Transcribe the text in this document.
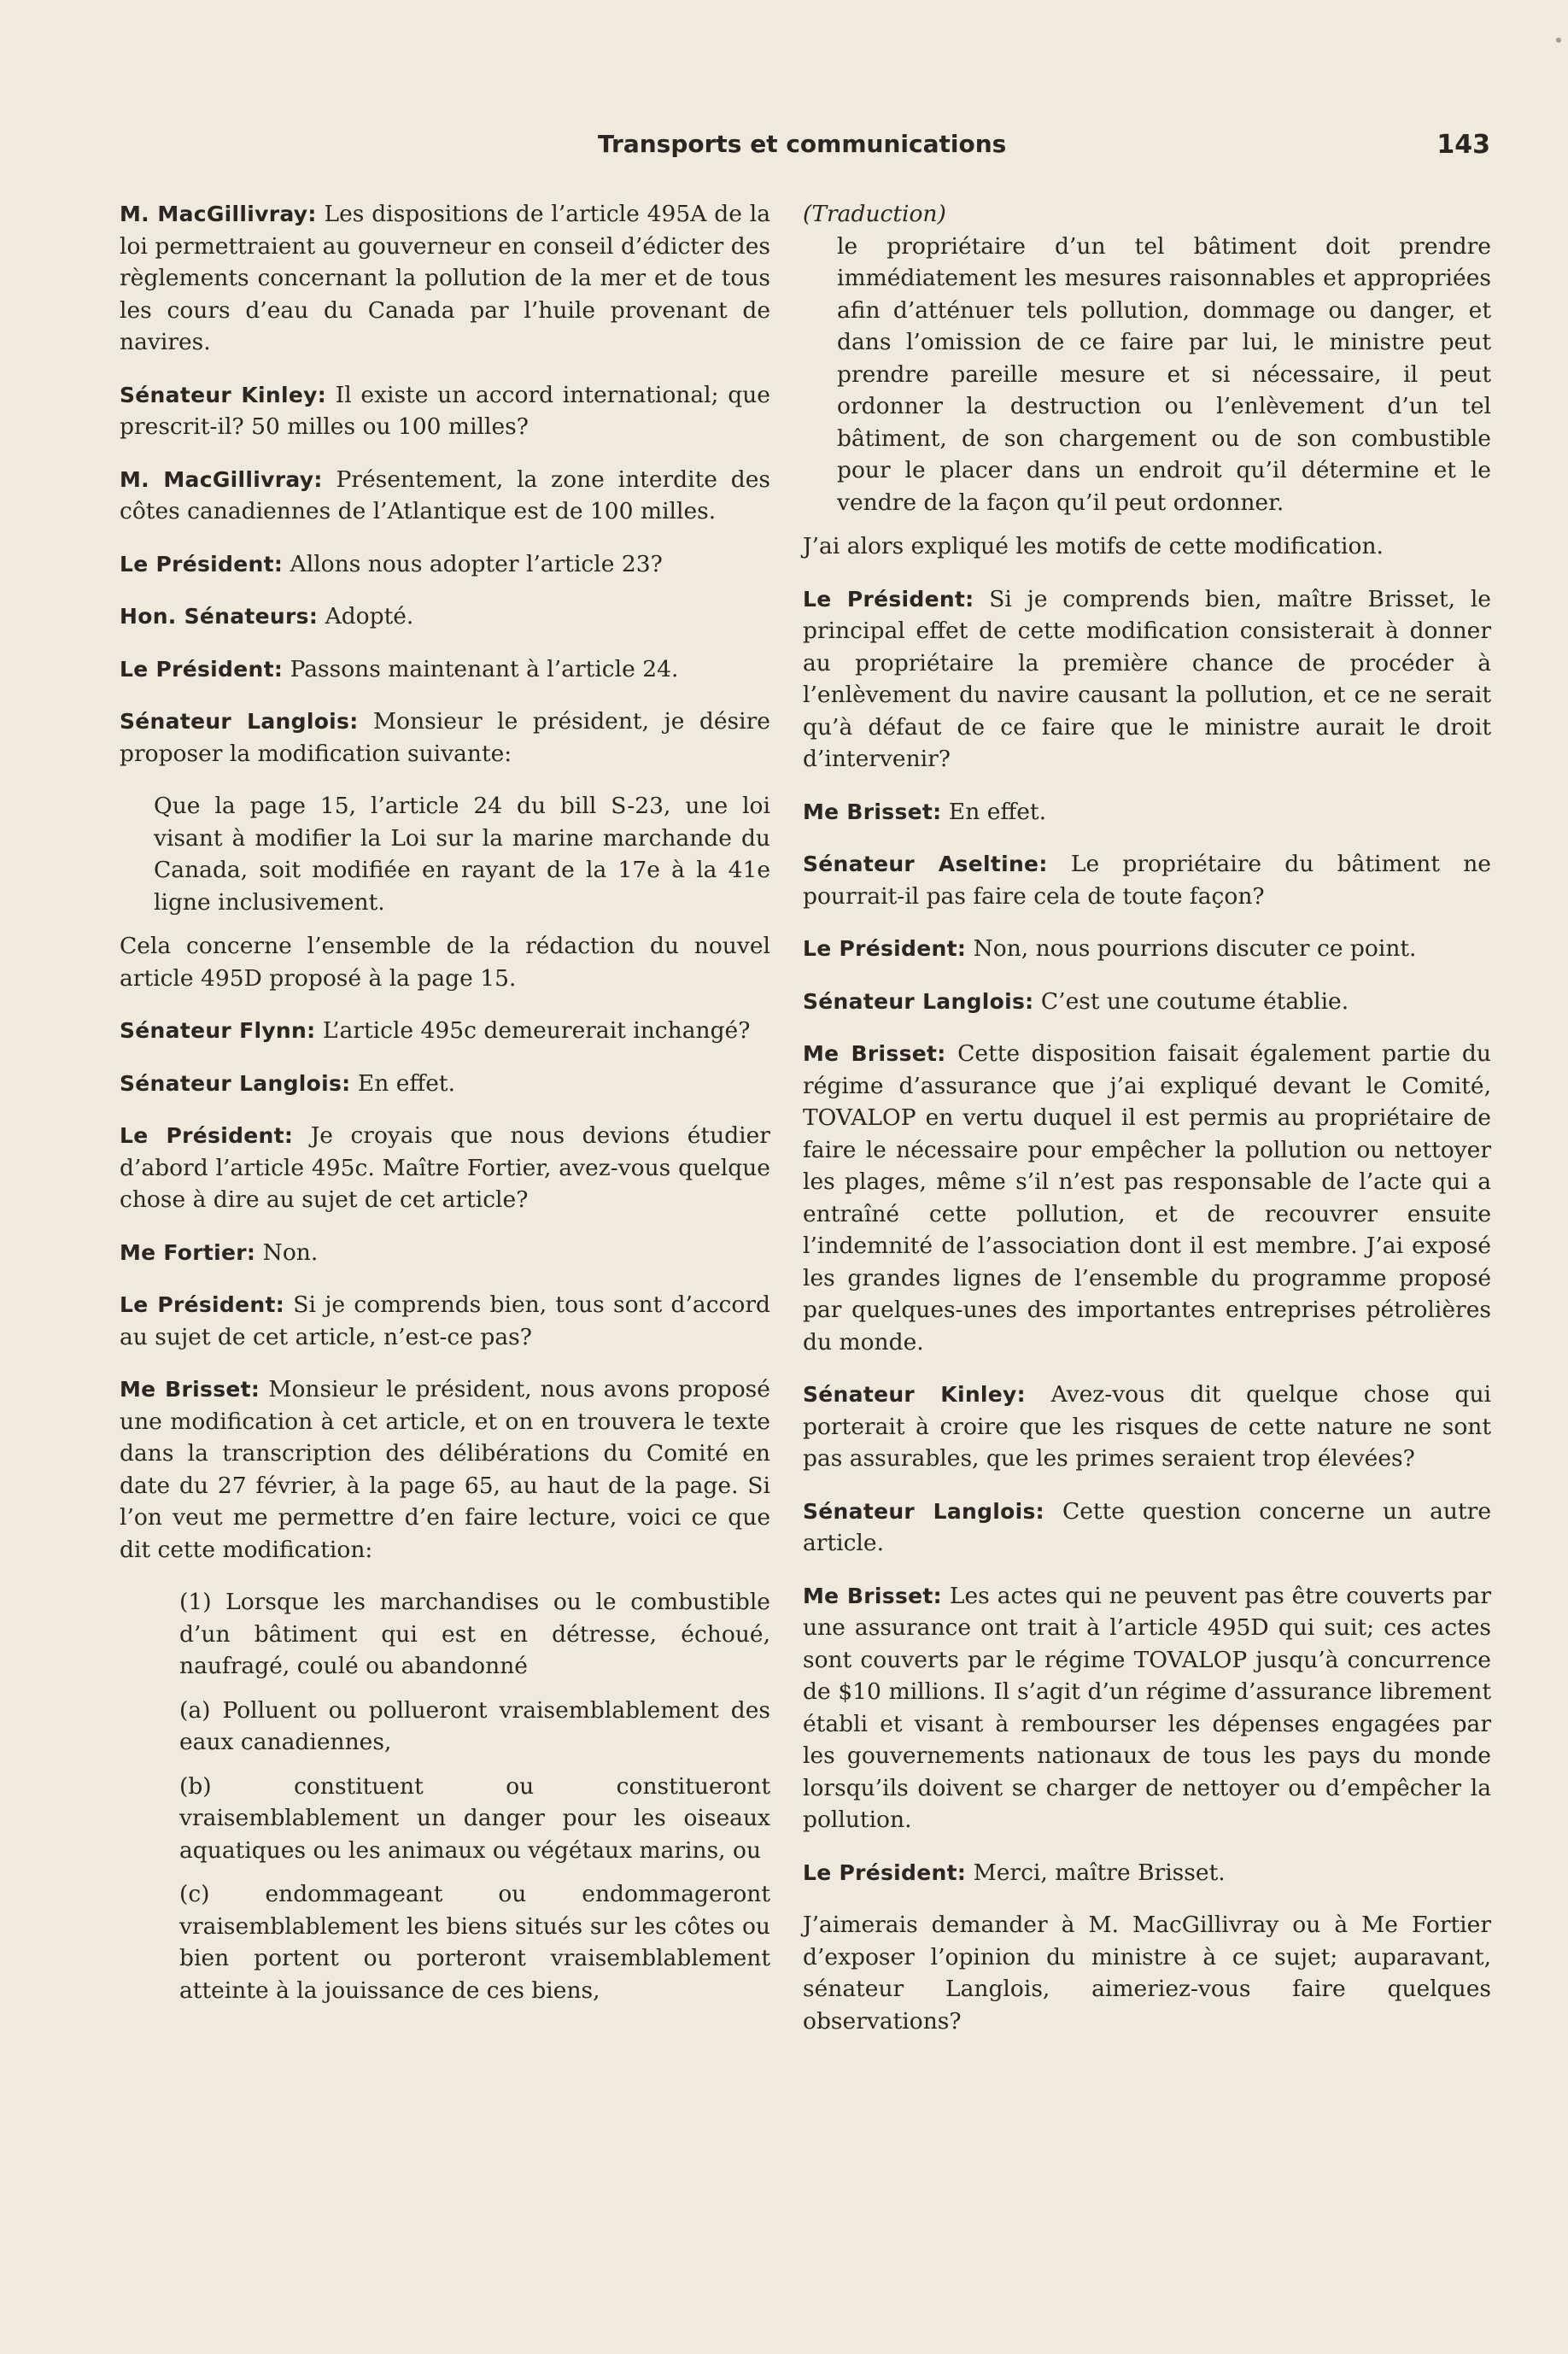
Transports et communications	143

M. MacGillivray: Les dispositions de l’article 495A de la loi permettraient au gouverneur en conseil d’édicter des règlements concernant la pollution de la mer et de tous les cours d’eau du Canada par l’huile provenant de navires.

Sénateur Kinley: Il existe un accord international; que prescrit-il? 50 milles ou 100 milles?

M. MacGillivray: Présentement, la zone interdite des côtes canadiennes de l’Atlantique est de 100 milles.

Le Président: Allons nous adopter l’article 23?

Hon. Sénateurs: Adopté.

Le Président: Passons maintenant à l’article 24.

Sénateur Langlois: Monsieur le président, je désire proposer la modification suivante:

Que la page 15, l’article 24 du bill S-23, une loi visant à modifier la Loi sur la marine marchande du Canada, soit modifiée en rayant de la 17e à la 41e ligne inclusivement.

Cela concerne l’ensemble de la rédaction du nouvel article 495D proposé à la page 15.

Sénateur Flynn: L’article 495c demeurerait inchangé?

Sénateur Langlois: En effet.

Le Président: Je croyais que nous devions étudier d’abord l’article 495c. Maître Fortier, avez-vous quelque chose à dire au sujet de cet article?

Me Fortier: Non.

Le Président: Si je comprends bien, tous sont d’accord au sujet de cet article, n’est-ce pas?

Me Brisset: Monsieur le président, nous avons proposé une modification à cet article, et on en trouvera le texte dans la transcription des délibérations du Comité en date du 27 février, à la page 65, au haut de la page. Si l’on veut me permettre d’en faire lecture, voici ce que dit cette modification:

(1) Lorsque les marchandises ou le combustible d’un bâtiment qui est en détresse, échoué, naufragé, coulé ou abandonné

(a) Polluent ou pollueront vraisemblablement des eaux canadiennes,

(b) constituent ou constitueront vraisemblablement un danger pour les oiseaux aquatiques ou les animaux ou végétaux marins, ou

(c) endommageant ou endommageront vraisemblablement les biens situés sur les côtes ou bien portent ou porteront vraisemblablement atteinte à la jouissance de ces biens,

(Traduction)

le propriétaire d’un tel bâtiment doit prendre immédiatement les mesures raisonnables et appropriées afin d’atténuer tels pollution, dommage ou danger, et dans l’omission de ce faire par lui, le ministre peut prendre pareille mesure et si nécessaire, il peut ordonner la destruction ou l’enlèvement d’un tel bâtiment, de son chargement ou de son combustible pour le placer dans un endroit qu’il détermine et le vendre de la façon qu’il peut ordonner.

J’ai alors expliqué les motifs de cette modification.

Le Président: Si je comprends bien, maître Brisset, le principal effet de cette modification consisterait à donner au propriétaire la première chance de procéder à l’enlèvement du navire causant la pollution, et ce ne serait qu’à défaut de ce faire que le ministre aurait le droit d’intervenir?

Me Brisset: En effet.

Sénateur Aseltine: Le propriétaire du bâtiment ne pourrait-il pas faire cela de toute façon?

Le Président: Non, nous pourrions discuter ce point.

Sénateur Langlois: C’est une coutume établie.

Me Brisset: Cette disposition faisait également partie du régime d’assurance que j’ai expliqué devant le Comité, TOVALOP en vertu duquel il est permis au propriétaire de faire le nécessaire pour empêcher la pollution ou nettoyer les plages, même s’il n’est pas responsable de l’acte qui a entraîné cette pollution, et de recouvrer ensuite l’indemnité de l’association dont il est membre. J’ai exposé les grandes lignes de l’ensemble du programme proposé par quelques-unes des importantes entreprises pétrolières du monde.

Sénateur Kinley: Avez-vous dit quelque chose qui porterait à croire que les risques de cette nature ne sont pas assurables, que les primes seraient trop élevées?

Sénateur Langlois: Cette question concerne un autre article.

Me Brisset: Les actes qui ne peuvent pas être couverts par une assurance ont trait à l’article 495D qui suit; ces actes sont couverts par le régime TOVALOP jusqu’à concurrence de $10 millions. Il s’agit d’un régime d’assurance librement établi et visant à rembourser les dépenses engagées par les gouvernements nationaux de tous les pays du monde lorsqu’ils doivent se charger de nettoyer ou d’empêcher la pollution.

Le Président: Merci, maître Brisset.

J’aimerais demander à M. MacGillivray ou à Me Fortier d’exposer l’opinion du ministre à ce sujet; auparavant, sénateur Langlois, aimeriez-vous faire quelques observations?
